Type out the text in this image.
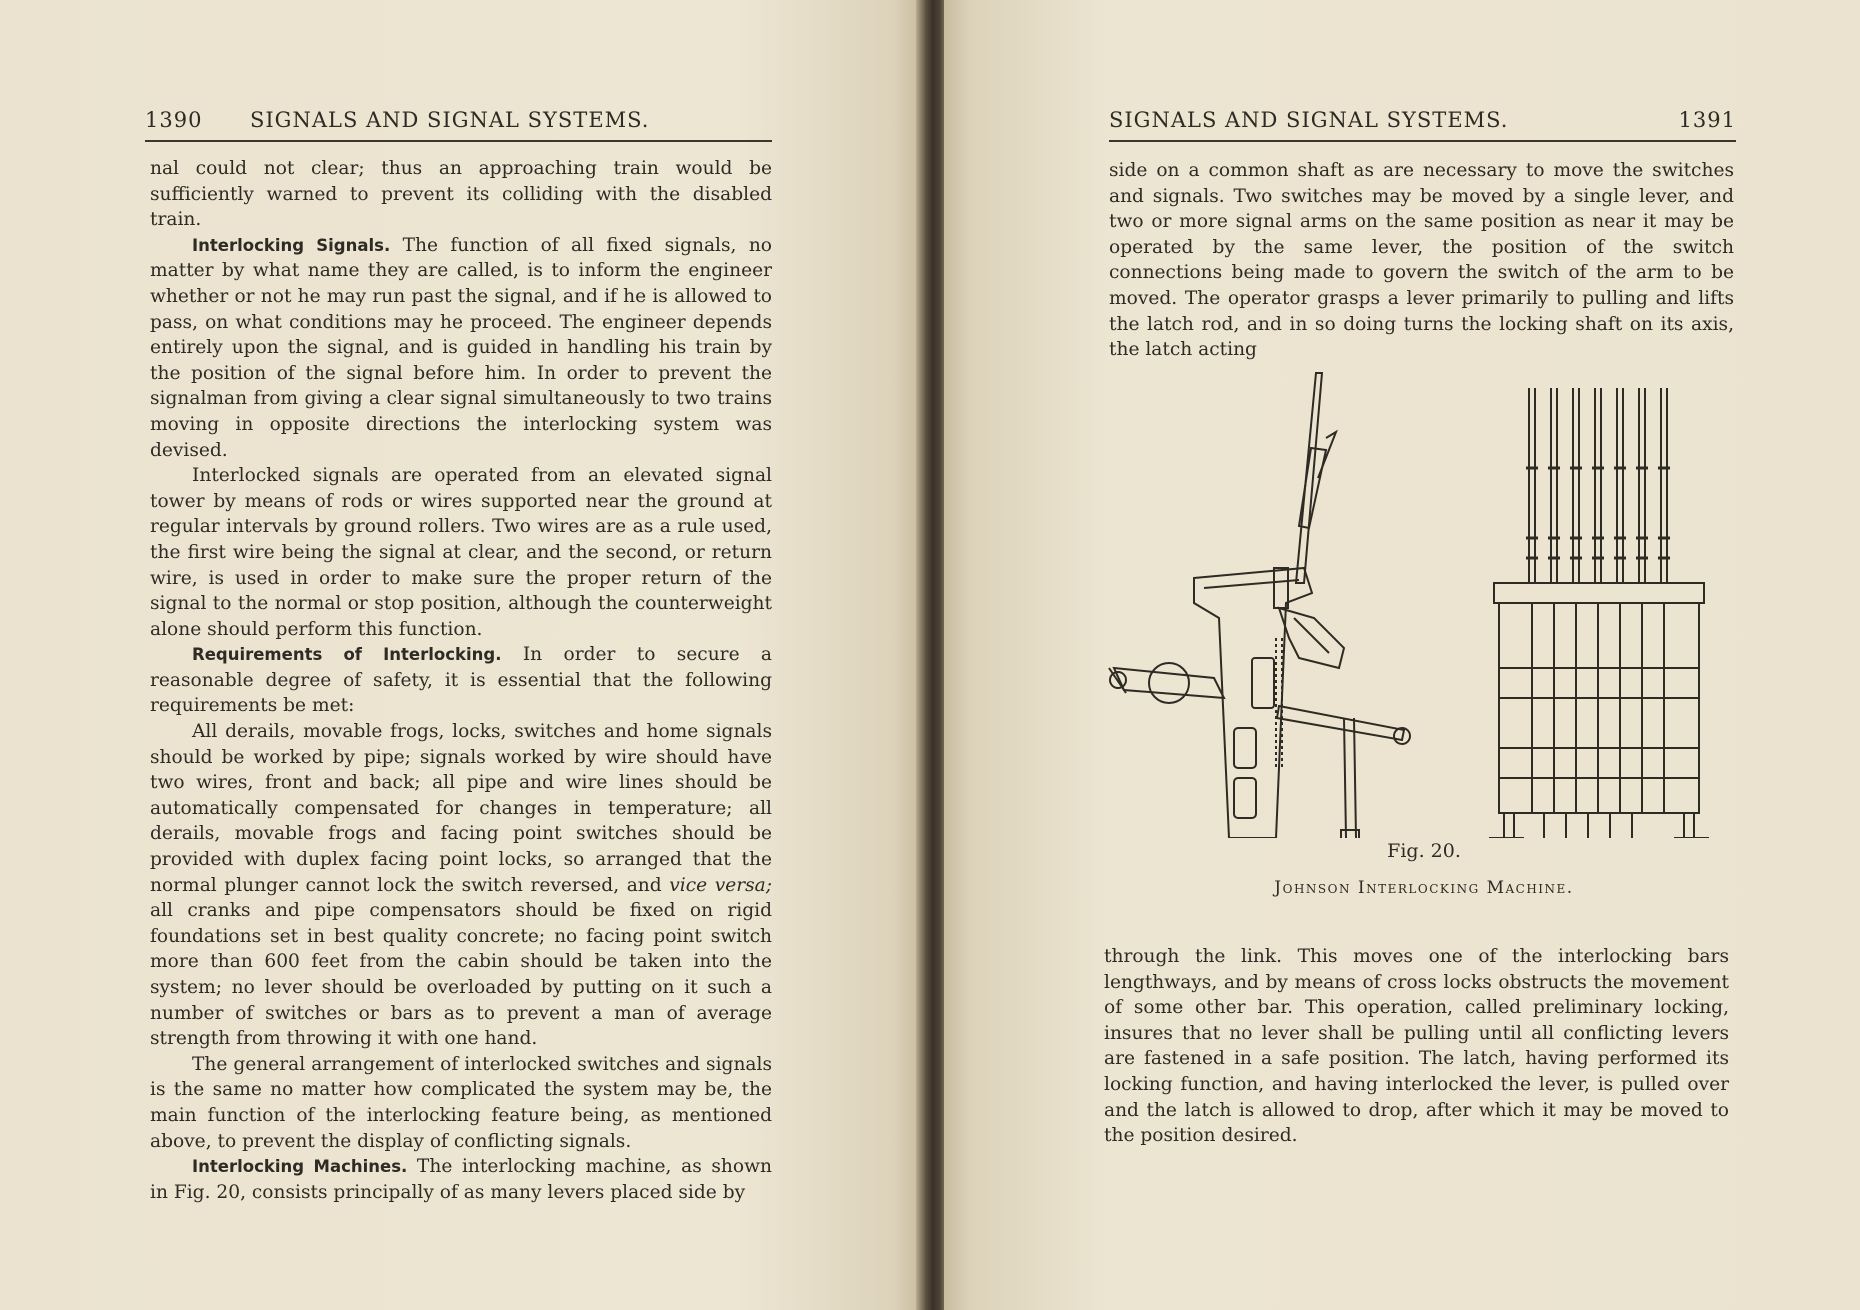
1390 SIGNALS AND SIGNAL SYSTEMS.

nal could not clear; thus an approaching train would be sufficiently warned to prevent its colliding with the disabled train.

Interlocking Signals. The function of all fixed signals, no matter by what name they are called, is to inform the engineer whether or not he may run past the signal, and if he is allowed to pass, on what conditions may he proceed. The engineer depends entirely upon the signal, and is guided in handling his train by the position of the signal before him. In order to prevent the signalman from giving a clear signal simultaneously to two trains moving in opposite directions the interlocking system was devised.

Interlocked signals are operated from an elevated signal tower by means of rods or wires supported near the ground at regular intervals by ground rollers. Two wires are as a rule used, the first wire being the signal at clear, and the second, or return wire, is used in order to make sure the proper return of the signal to the normal or stop position, although the counterweight alone should perform this function.

Requirements of Interlocking. In order to secure a reasonable degree of safety, it is essential that the following requirements be met:

All derails, movable frogs, locks, switches and home signals should be worked by pipe; signals worked by wire should have two wires, front and back; all pipe and wire lines should be automatically compensated for changes in temperature; all derails, movable frogs and facing point switches should be provided with duplex facing point locks, so arranged that the normal plunger cannot lock the switch reversed, and vice versa; all cranks and pipe compensators should be fixed on rigid foundations set in best quality concrete; no facing point switch more than 600 feet from the cabin should be taken into the system; no lever should be overloaded by putting on it such a number of switches or bars as to prevent a man of average strength from throwing it with one hand.

The general arrangement of interlocked switches and signals is the same no matter how complicated the system may be, the main function of the interlocking feature being, as mentioned above, to prevent the display of conflicting signals.

Interlocking Machines. The interlocking machine, as shown in Fig. 20, consists principally of as many levers placed side by

SIGNALS AND SIGNAL SYSTEMS.	1391

side on a common shaft as are necessary to move the switches and signals. Two switches may be moved by a single lever, and two or more signal arms on the same position as near it may be operated by the same lever, the position of the switch connections being made to govern the switch of the arm to be moved. The operator grasps a lever primarily to pulling and lifts the latch rod, and in so doing turns the locking shaft on its axis, the latch acting

Fig. 20.
Johnson Interlocking Machine.

through the link. This moves one of the interlocking bars lengthways, and by means of cross locks obstructs the movement of some other bar. This operation, called preliminary locking, insures that no lever shall be pulling until all conflicting levers are fastened in a safe position. The latch, having performed its locking function, and having interlocked the lever, is pulled over and the latch is allowed to drop, after which it may be moved to the position desired.
